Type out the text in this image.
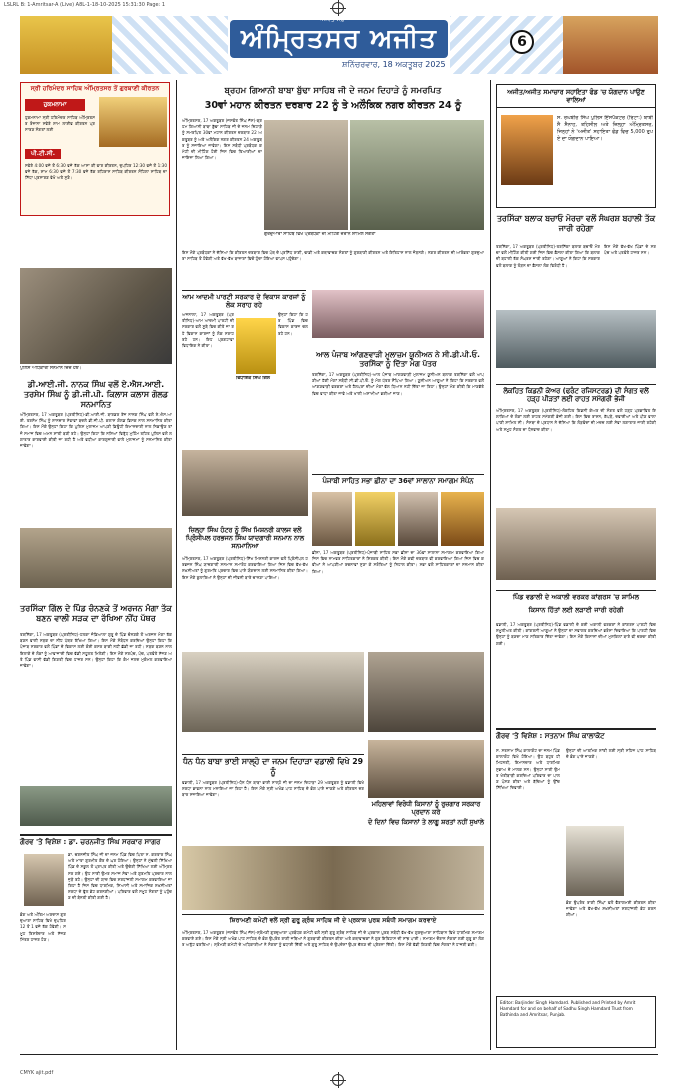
LSLRL B: 1-Amritsar-A (Live) A8L-1-18-10-2025 15:31:30 Page: 1
ਅੰਮ੍ਰਿਤਸਰ ਅਜੀਤ
ਅਜੀਤ ਸਫ਼ਾ
ਸ਼ਨਿੱਚਰਵਾਰ, 18 ਅਕਤੂਬਰ 2025
6
ਸ੍ਰੀ ਹਰਿਮੰਦਰ ਸਾਹਿਬ ਅੰਮ੍ਰਿਤਸਰ ਤੋਂ ਗੁਰਬਾਣੀ ਕੀਰਤਨ
ਹੁਕਮਨਾਮਾ

ਹੁਕਮਨਾਮਾ ਸ੍ਰੀ ਹਰਿਮੰਦਰ ਸਾਹਿਬ ਅੰਮ੍ਰਿਤਸਰ ਰੋਜ਼ਾਨਾ ਸਵੇਰੇ ਸ਼ਾਮ ਲਾਈਵ ਕੀਰਤਨ ਪ੍ਰਸਾਰਣ ਸੰਗਤਾਂ ਲਈ

ਪੀ.ਟੀ.ਸੀ.

ਸਵੇਰੇ 4:00 ਵਜੇ ਤੋਂ 6:30 ਵਜੇ ਤੱਕ ਆਸਾ ਕੀ ਵਾਰ ਕੀਰਤਨ, ਦੁਪਹਿਰ 12:30 ਵਜੇ ਤੋਂ 1:30 ਵਜੇ ਤੱਕ, ਸ਼ਾਮ 6:30 ਵਜੇ ਤੋਂ 7:30 ਵਜੇ ਤੱਕ ਰਹਿਰਾਸ ਸਾਹਿਬ ਕੀਰਤਨ ਸੋਹਿਲਾ ਸਾਹਿਬ ਦਾ ਸਿੱਧਾ ਪ੍ਰਸਾਰਣ ਵੇਖੋ ਅਤੇ ਸੁਣੋ।

ਪੁਲਿਸ ਅਧਿਕਾਰੀ ਸਨਮਾਨ ਦਿੰਦੇ ਹੋਏ।
ਡੀ.ਆਈ.ਜੀ. ਨਾਨਕ ਸਿੰਘ ਵਲੋਂ ਏ.ਐਸ.ਆਈ. ਤਰਸੇਮ ਸਿੰਘ ਨੂੰ ਡੀ.ਜੀ.ਪੀ. ਕਿਲਾਸ ਕਲਾਸ ਗੋਲਡ ਸਨਮਾਨਿਤ

ਅੰਮ੍ਰਿਤਸਰ, 17 ਅਕਤੂਬਰ (ਪ੍ਰਤੀਨਿਧ)-ਡੀ.ਆਈ.ਜੀ. ਬਾਰਡਰ ਰੇਂਜ ਨਾਨਕ ਸਿੰਘ ਵਲੋਂ ਏ.ਐਸ.ਆਈ. ਤਰਸੇਮ ਸਿੰਘ ਨੂੰ ਸ਼ਾਨਦਾਰ ਸੇਵਾਵਾਂ ਬਦਲੇ ਡੀ.ਜੀ.ਪੀ. ਕਲਾਸ ਗੋਲਡ ਡਿਸਕ ਨਾਲ ਸਨਮਾਨਿਤ ਕੀਤਾ ਗਿਆ। ਇਸ ਮੌਕੇ ਉਨ੍ਹਾਂ ਕਿਹਾ ਕਿ ਪੁਲਿਸ ਮੁਲਾਜ਼ਮ ਆਪਣੀ ਡਿਊਟੀ ਇਮਾਨਦਾਰੀ ਨਾਲ ਨਿਭਾਉਣ ਤਾਂ ਜੋ ਸਮਾਜ ਵਿਚ ਅਮਨ ਸ਼ਾਂਤੀ ਬਣੀ ਰਹੇ। ਉਨ੍ਹਾਂ ਕਿਹਾ ਕਿ ਨਸ਼ਿਆਂ ਵਿਰੁੱਧ ਮੁਹਿੰਮ ਤਹਿਤ ਪੁਲਿਸ ਵਲੋਂ ਲਗਾਤਾਰ ਕਾਰਵਾਈ ਕੀਤੀ ਜਾ ਰਹੀ ਹੈ ਅਤੇ ਵਧੀਆ ਕਾਰਗੁਜ਼ਾਰੀ ਵਾਲੇ ਮੁਲਾਜ਼ਮਾਂ ਨੂੰ ਸਨਮਾਨਿਤ ਕੀਤਾ ਜਾਵੇਗਾ।

ਤਰਸਿੱਕਾ ਗਿੱਲ ਦੇ ਪਿੰਡ ਚੰਨਣਕੇ ਤੋਂ ਅਰਜਨ ਮੰਗਾ ਤੱਕ ਬਣਨ ਵਾਲੀ ਸੜਕ ਦਾ ਰੱਖਿਆ ਨੀਂਹ ਪੱਥਰ

ਤਰਸਿੱਕਾ, 17 ਅਕਤੂਬਰ (ਪ੍ਰਤੀਨਿਧ)-ਹਲਕਾ ਜੰਡਿਆਲਾ ਗੁਰੂ ਦੇ ਪਿੰਡ ਚੰਨਣਕੇ ਤੋਂ ਅਰਜਨ ਮੰਗਾ ਤੱਕ ਬਣਨ ਵਾਲੀ ਸੜਕ ਦਾ ਨੀਂਹ ਪੱਥਰ ਰੱਖਿਆ ਗਿਆ। ਇਸ ਮੌਕੇ ਸੰਬੋਧਨ ਕਰਦਿਆਂ ਉਨ੍ਹਾਂ ਕਿਹਾ ਕਿ ਪੰਜਾਬ ਸਰਕਾਰ ਵਲੋਂ ਪਿੰਡਾਂ ਦੇ ਵਿਕਾਸ ਲਈ ਕੋਈ ਕਸਰ ਬਾਕੀ ਨਹੀਂ ਛੱਡੀ ਜਾ ਰਹੀ। ਸੜਕ ਬਣਨ ਨਾਲ ਇਲਾਕੇ ਦੇ ਲੋਕਾਂ ਨੂੰ ਆਵਾਜਾਈ ਵਿਚ ਵੱਡੀ ਸਹੂਲਤ ਮਿਲੇਗੀ। ਇਸ ਮੌਕੇ ਸਰਪੰਚ, ਪੰਚ, ਪਤਵੰਤੇ ਸੱਜਣ ਅਤੇ ਪਿੰਡ ਵਾਸੀ ਵੱਡੀ ਗਿਣਤੀ ਵਿਚ ਹਾਜ਼ਰ ਸਨ। ਉਨ੍ਹਾਂ ਕਿਹਾ ਕਿ ਕੰਮ ਜਲਦ ਮੁਕੰਮਲ ਕਰਵਾਇਆ ਜਾਵੇਗਾ।

ਗੌਰਵ 'ਤੇ ਵਿਸ਼ੇਸ਼ : ਡਾ. ਚਰਨਜੀਤ ਸਿੰਘ ਸਰਕਾਰ ਸਾਗਰ

ਡਾ. ਚਰਨਜੀਤ ਸਿੰਘ ਜੀ ਦਾ ਜਨਮ ਪਿੰਡ ਵਿਚ ਪਿਤਾ ਸ. ਕਰਤਾਰ ਸਿੰਘ ਅਤੇ ਮਾਤਾ ਗੁਰਮੀਤ ਕੌਰ ਦੇ ਘਰ ਹੋਇਆ। ਉਨ੍ਹਾਂ ਨੇ ਮੁੱਢਲੀ ਸਿੱਖਿਆ ਪਿੰਡ ਦੇ ਸਕੂਲ ਤੋਂ ਪ੍ਰਾਪਤ ਕੀਤੀ ਅਤੇ ਉਚੇਰੀ ਸਿੱਖਿਆ ਲਈ ਅੰਮ੍ਰਿਤਸਰ ਗਏ। ਉਹ ਸਾਰੀ ਉਮਰ ਸਮਾਜ ਸੇਵਾ ਅਤੇ ਗੁਰਮਤਿ ਪ੍ਰਚਾਰ ਨਾਲ ਜੁੜੇ ਰਹੇ। ਉਨ੍ਹਾਂ ਦੀ ਯਾਦ ਵਿਚ ਸ਼ਰਧਾਂਜਲੀ ਸਮਾਗਮ ਕਰਵਾਇਆ ਜਾ ਰਿਹਾ ਹੈ ਜਿਸ ਵਿਚ ਧਾਰਮਿਕ, ਸਿਆਸੀ ਅਤੇ ਸਮਾਜਿਕ ਸ਼ਖ਼ਸੀਅਤਾਂ ਸ਼ਰਧਾ ਦੇ ਫੁੱਲ ਭੇਟ ਕਰਨਗੀਆਂ। ਪਰਿਵਾਰ ਵਲੋਂ ਸਮੂਹ ਸੰਗਤਾਂ ਨੂੰ ਪਹੁੰਚਣ ਦੀ ਬੇਨਤੀ ਕੀਤੀ ਗਈ ਹੈ।

ਭੋਗ ਅਤੇ ਅੰਤਿਮ ਅਰਦਾਸ ਗੁਰਦੁਆਰਾ ਸਾਹਿਬ ਵਿਖੇ ਦੁਪਹਿਰ 12 ਤੋਂ 1 ਵਜੇ ਤੱਕ ਹੋਵੇਗੀ। ਸਮੂਹ ਰਿਸ਼ਤੇਦਾਰ ਅਤੇ ਸੱਜਣ ਮਿੱਤਰ ਹਾਜ਼ਰ ਹੋਣ।

ਬ੍ਰਹਮ ਗਿਆਨੀ ਬਾਬਾ ਬੁੱਢਾ ਸਾਹਿਬ ਜੀ ਦੇ ਜਨਮ ਦਿਹਾੜੇ ਨੂੰ ਸਮਰਪਿਤ
30ਵਾਂ ਮਹਾਨ ਕੀਰਤਨ ਦਰਬਾਰ 22 ਨੂੰ ਤੇ ਅਲੌਕਿਕ ਨਗਰ ਕੀਰਤਨ 24 ਨੂੰ

ਅੰਮ੍ਰਿਤਸਰ, 17 ਅਕਤੂਬਰ (ਜਸਵੰਤ ਸਿੰਘ ਜੱਸ)-ਬ੍ਰਹਮ ਗਿਆਨੀ ਬਾਬਾ ਬੁੱਢਾ ਸਾਹਿਬ ਜੀ ਦੇ ਜਨਮ ਦਿਹਾੜੇ ਨੂੰ ਸਮਰਪਿਤ 30ਵਾਂ ਮਹਾਨ ਕੀਰਤਨ ਦਰਬਾਰ 22 ਅਕਤੂਬਰ ਨੂੰ ਅਤੇ ਅਲੌਕਿਕ ਨਗਰ ਕੀਰਤਨ 24 ਅਕਤੂਬਰ ਨੂੰ ਸਜਾਇਆ ਜਾਵੇਗਾ। ਇਸ ਸਬੰਧੀ ਪ੍ਰਬੰਧਕ ਕਮੇਟੀ ਦੀ ਮੀਟਿੰਗ ਹੋਈ ਜਿਸ ਵਿਚ ਤਿਆਰੀਆਂ ਦਾ ਜਾਇਜ਼ਾ ਲਿਆ ਗਿਆ।

ਗੁਰਦੁਆਰਾ ਸਾਹਿਬ ਵਿਖੇ ਪ੍ਰਬੰਧਕਾਂ ਦੀ ਮੀਟਿੰਗ ਦੌਰਾਨ ਸ਼ਾਮਿਲ ਸੰਗਤਾਂ

ਇਸ ਮੌਕੇ ਪ੍ਰਬੰਧਕਾਂ ਨੇ ਦੱਸਿਆ ਕਿ ਕੀਰਤਨ ਦਰਬਾਰ ਵਿਚ ਪੰਥ ਦੇ ਪ੍ਰਸਿੱਧ ਰਾਗੀ, ਢਾਡੀ ਅਤੇ ਕਥਾਵਾਚਕ ਸੰਗਤਾਂ ਨੂੰ ਗੁਰਬਾਣੀ ਕੀਰਤਨ ਅਤੇ ਇਤਿਹਾਸ ਨਾਲ ਜੋੜਨਗੇ। ਨਗਰ ਕੀਰਤਨ ਦੀ ਆਰੰਭਤਾ ਗੁਰਦੁਆਰਾ ਸਾਹਿਬ ਤੋਂ ਹੋਵੇਗੀ ਅਤੇ ਵੱਖ-ਵੱਖ ਬਾਜ਼ਾਰਾਂ ਵਿਚੋਂ ਹੁੰਦਾ ਹੋਇਆ ਵਾਪਸ ਪਹੁੰਚੇਗਾ।

ਆਮ ਆਦਮੀ ਪਾਰਟੀ ਸਰਕਾਰ ਦੇ ਵਿਕਾਸ ਕਾਰਜਾਂ ਨੂੰ ਲੋਕ ਸਰਾਹ ਰਹੇ
ਵਿਧਾਇਕ ਸਿੰਘ ਗਿੱਲ

ਅਜਨਾਲਾ, 17 ਅਕਤੂਬਰ (ਪ੍ਰਤੀਨਿਧ)-ਆਮ ਆਦਮੀ ਪਾਰਟੀ ਦੀ ਸਰਕਾਰ ਵਲੋਂ ਸੂਬੇ ਵਿਚ ਕੀਤੇ ਜਾ ਰਹੇ ਵਿਕਾਸ ਕਾਰਜਾਂ ਨੂੰ ਲੋਕ ਸਰਾਹ ਰਹੇ ਹਨ। ਇਹ ਪ੍ਰਗਟਾਵਾ ਵਿਧਾਇਕ ਨੇ ਕੀਤਾ।

ਉਨ੍ਹਾਂ ਕਿਹਾ ਕਿ ਹਰ ਪਿੰਡ ਵਿਚ ਵਿਕਾਸ ਕਾਰਜ ਚਲ ਰਹੇ ਹਨ।

ਜ਼ਿਲ੍ਹਾ ਸਿੰਘ ਹੰਟਰ ਨੂੰ ਸਿੱਖ ਮਿਸ਼ਨਰੀ ਕਾਲਜ ਵਲੋਂ ਪ੍ਰਿੰਸੀਪਲ ਹਰਭਜਨ ਸਿੰਘ ਯਾਦਗਾਰੀ ਸਨਮਾਨ ਨਾਲ ਸਨਮਾਨਿਆ

ਅੰਮ੍ਰਿਤਸਰ, 17 ਅਕਤੂਬਰ (ਪ੍ਰਤੀਨਿਧ)-ਸਿੱਖ ਮਿਸ਼ਨਰੀ ਕਾਲਜ ਵਲੋਂ ਪ੍ਰਿੰਸੀਪਲ ਹਰਭਜਨ ਸਿੰਘ ਯਾਦਗਾਰੀ ਸਨਮਾਨ ਸਮਾਰੋਹ ਕਰਵਾਇਆ ਗਿਆ ਜਿਸ ਵਿਚ ਵੱਖ-ਵੱਖ ਸ਼ਖ਼ਸੀਅਤਾਂ ਨੂੰ ਗੁਰਮਤਿ ਪ੍ਰਚਾਰ ਵਿਚ ਪਾਏ ਯੋਗਦਾਨ ਲਈ ਸਨਮਾਨਿਤ ਕੀਤਾ ਗਿਆ। ਇਸ ਮੌਕੇ ਬੁਲਾਰਿਆਂ ਨੇ ਉਨ੍ਹਾਂ ਦੀ ਜੀਵਨੀ ਬਾਰੇ ਚਾਨਣਾ ਪਾਇਆ।

ਆਲ ਪੰਜਾਬ ਆਂਗਣਵਾੜੀ ਮੁਲਾਜ਼ਮ ਯੂਨੀਅਨ ਨੇ ਸੀ.ਡੀ.ਪੀ.ਓ. ਤਰਸਿੱਕਾ ਨੂੰ ਦਿੱਤਾ ਮੰਗ ਪੱਤਰ

ਤਰਸਿੱਕਾ, 17 ਅਕਤੂਬਰ (ਪ੍ਰਤੀਨਿਧ)-ਆਲ ਪੰਜਾਬ ਆਂਗਣਵਾੜੀ ਮੁਲਾਜ਼ਮ ਯੂਨੀਅਨ ਬਲਾਕ ਤਰਸਿੱਕਾ ਵਲੋਂ ਆਪਣੀਆਂ ਹੱਕੀ ਮੰਗਾਂ ਸਬੰਧੀ ਸੀ.ਡੀ.ਪੀ.ਓ. ਨੂੰ ਮੰਗ ਪੱਤਰ ਸੌਂਪਿਆ ਗਿਆ। ਯੂਨੀਅਨ ਆਗੂਆਂ ਨੇ ਕਿਹਾ ਕਿ ਸਰਕਾਰ ਵਲੋਂ ਆਂਗਣਵਾੜੀ ਵਰਕਰਾਂ ਅਤੇ ਹੈਲਪਰਾਂ ਦੀਆਂ ਮੰਗਾਂ ਵੱਲ ਧਿਆਨ ਨਹੀਂ ਦਿੱਤਾ ਜਾ ਰਿਹਾ। ਉਨ੍ਹਾਂ ਮੰਗ ਕੀਤੀ ਕਿ ਮਾਣਭੱਤੇ ਵਿਚ ਵਾਧਾ ਕੀਤਾ ਜਾਵੇ ਅਤੇ ਖਾਲੀ ਅਸਾਮੀਆਂ ਭਰੀਆਂ ਜਾਣ।

ਪੰਜਾਬੀ ਸਾਹਿਤ ਸਭਾ ਛੀਨਾ ਦਾ 36ਵਾਂ ਸਾਲਾਨਾ ਸਮਾਗਮ ਸੰਪੰਨ

ਛੀਨਾ, 17 ਅਕਤੂਬਰ (ਪ੍ਰਤੀਨਿਧ)-ਪੰਜਾਬੀ ਸਾਹਿਤ ਸਭਾ ਛੀਨਾ ਦਾ 36ਵਾਂ ਸਾਲਾਨਾ ਸਮਾਗਮ ਕਰਵਾਇਆ ਗਿਆ ਜਿਸ ਵਿਚ ਨਾਮਵਰ ਸਾਹਿਤਕਾਰਾਂ ਨੇ ਸ਼ਿਰਕਤ ਕੀਤੀ। ਇਸ ਮੌਕੇ ਕਵੀ ਦਰਬਾਰ ਵੀ ਕਰਵਾਇਆ ਗਿਆ ਜਿਸ ਵਿਚ ਕਵੀਆਂ ਨੇ ਆਪਣੀਆਂ ਰਚਨਾਵਾਂ ਸੁਣਾ ਕੇ ਸਰੋਤਿਆਂ ਨੂੰ ਨਿਹਾਲ ਕੀਤਾ। ਸਭਾ ਵਲੋਂ ਸਾਹਿਤਕਾਰਾਂ ਦਾ ਸਨਮਾਨ ਕੀਤਾ ਗਿਆ।

ਧੰਨ ਧੰਨ ਬਾਬਾ ਭਾਈ ਸਾਲ੍ਹੋ ਦਾ ਜਨਮ ਦਿਹਾੜਾ ਵਡਾਲੀ ਵਿਖੇ 29 ਨੂੰ

ਵਡਾਲੀ, 17 ਅਕਤੂਬਰ (ਪ੍ਰਤੀਨਿਧ)-ਧੰਨ ਧੰਨ ਬਾਬਾ ਭਾਈ ਸਾਲ੍ਹੋ ਜੀ ਦਾ ਜਨਮ ਦਿਹਾੜਾ 29 ਅਕਤੂਬਰ ਨੂੰ ਵਡਾਲੀ ਵਿਖੇ ਸ਼ਰਧਾ ਭਾਵਨਾ ਨਾਲ ਮਨਾਇਆ ਜਾ ਰਿਹਾ ਹੈ। ਇਸ ਮੌਕੇ ਸ੍ਰੀ ਅਖੰਡ ਪਾਠ ਸਾਹਿਬ ਦੇ ਭੋਗ ਪਾਏ ਜਾਣਗੇ ਅਤੇ ਕੀਰਤਨ ਦਰਬਾਰ ਸਜਾਇਆ ਜਾਵੇਗਾ।

ਮਹਿਲਾਵਾਂ ਵਿਰੋਧੀ ਕਿਸਾਨਾਂ ਨੂੰ ਰੁਜ਼ਗਾਰ ਸਰਕਾਰ ਪ੍ਰਦਾਨ ਕਰੇ
ਦੋ ਦਿਨਾਂ ਵਿਚ ਕਿਸਾਨਾਂ ਤੇ ਲਾਗੂ ਸ਼ਰਤਾਂ ਨਹੀਂ ਸੁਖਾਲੇ
ਸ਼ਿਰਾਮਣੀ ਕਮੇਟੀ ਵਲੋਂ ਸ੍ਰੀ ਗੁਰੂ ਗ੍ਰੰਥ ਸਾਹਿਬ ਜੀ ਦੇ ਪ੍ਰਕਾਸ਼ ਪੁਰਬ ਸਬੰਧੀ ਸਮਾਗਮ ਕਰਵਾਏ

ਅੰਮ੍ਰਿਤਸਰ, 17 ਅਕਤੂਬਰ (ਜਸਵੰਤ ਸਿੰਘ ਜੱਸ)-ਸ਼੍ਰੋਮਣੀ ਗੁਰਦੁਆਰਾ ਪ੍ਰਬੰਧਕ ਕਮੇਟੀ ਵਲੋਂ ਸ੍ਰੀ ਗੁਰੂ ਗ੍ਰੰਥ ਸਾਹਿਬ ਜੀ ਦੇ ਪ੍ਰਕਾਸ਼ ਪੁਰਬ ਸਬੰਧੀ ਵੱਖ-ਵੱਖ ਗੁਰਦੁਆਰਾ ਸਾਹਿਬਾਨ ਵਿਖੇ ਧਾਰਮਿਕ ਸਮਾਗਮ ਕਰਵਾਏ ਗਏ। ਇਸ ਮੌਕੇ ਸ੍ਰੀ ਅਖੰਡ ਪਾਠ ਸਾਹਿਬ ਦੇ ਭੋਗ ਉਪਰੰਤ ਰਾਗੀ ਜਥਿਆਂ ਨੇ ਗੁਰਬਾਣੀ ਕੀਰਤਨ ਕੀਤਾ ਅਤੇ ਕਥਾਵਾਚਕਾਂ ਨੇ ਗੁਰ ਇਤਿਹਾਸ ਦੀ ਸਾਂਝ ਪਾਈ। ਸਮਾਗਮ ਦੌਰਾਨ ਸੰਗਤਾਂ ਲਈ ਗੁਰੂ ਕਾ ਲੰਗਰ ਅਤੁੱਟ ਵਰਤਿਆ। ਸ਼੍ਰੋਮਣੀ ਕਮੇਟੀ ਦੇ ਅਧਿਕਾਰੀਆਂ ਨੇ ਸੰਗਤਾਂ ਨੂੰ ਵਧਾਈ ਦਿੱਤੀ ਅਤੇ ਗੁਰੂ ਸਾਹਿਬ ਦੇ ਉਪਦੇਸ਼ਾਂ ਉਪਰ ਚੱਲਣ ਦੀ ਪ੍ਰੇਰਨਾ ਦਿੱਤੀ। ਇਸ ਮੌਕੇ ਵੱਡੀ ਗਿਣਤੀ ਵਿਚ ਸੰਗਤਾਂ ਨੇ ਹਾਜ਼ਰੀ ਭਰੀ।

ਅਜੀਤ/ਅਜੀਤ ਸਮਾਚਾਰ ਸਹਾਇਤਾ ਫੰਡ 'ਚ ਯੋਗਦਾਨ ਪਾਉਣ ਵਾਲਿਆਂ

ਸ. ਰਘਬੀਰ ਸਿੰਘ ਪੁਲਿਸ ਇੰਸਪੈਕਟਰ (ਰਿਟਾ:) ਬਾਬੀ ਸੈ ਸੈਨਾਹ, ਤਹਿਸੀਲ ਅਤੇ ਜ਼ਿਲ੍ਹਾ ਅੰਮ੍ਰਿਤਸਰ, ਜਿਨ੍ਹਾਂ ਨੇ 'ਅਜੀਤ' ਸਹਾਇਤਾ ਫੰਡ ਵਿਚ 5,000 ਰੁਪਏ ਦਾ ਯੋਗਦਾਨ ਪਾਇਆ।

ਤਰਸਿੱਕਾ ਬਲਾਕ ਬਚਾਓ ਮੋਰਚਾ ਵਲੋਂ ਸੰਘਰਸ਼ ਬਹਾਲੀ ਤੱਕ ਜਾਰੀ ਰਹੇਗਾ

ਤਰਸਿੱਕਾ, 17 ਅਕਤੂਬਰ (ਪ੍ਰਤੀਨਿਧ)-ਤਰਸਿੱਕਾ ਬਲਾਕ ਬਚਾਓ ਮੋਰਚਾ ਵਲੋਂ ਮੀਟਿੰਗ ਕੀਤੀ ਗਈ ਜਿਸ ਵਿਚ ਫ਼ੈਸਲਾ ਕੀਤਾ ਗਿਆ ਕਿ ਬਲਾਕ ਦੀ ਬਹਾਲੀ ਤੱਕ ਸੰਘਰਸ਼ ਜਾਰੀ ਰਹੇਗਾ। ਆਗੂਆਂ ਨੇ ਕਿਹਾ ਕਿ ਸਰਕਾਰ ਵਲੋਂ ਬਲਾਕ ਨੂੰ ਤੋੜਨ ਦਾ ਫ਼ੈਸਲਾ ਲੋਕ ਵਿਰੋਧੀ ਹੈ।

ਇਸ ਮੌਕੇ ਵੱਖ-ਵੱਖ ਪਿੰਡਾਂ ਦੇ ਸਰਪੰਚ ਅਤੇ ਪਤਵੰਤੇ ਹਾਜ਼ਰ ਸਨ।

ਲੋਕਹਿਤ ਕਿਡਨੀ ਕੇਅਰ (ਫਰੰਟ ਰਜਿਸਟਰਡ) ਦੀ ਸੰਗਤ ਵਲੋਂ ਹੜ੍ਹ ਪੀੜਤਾਂ ਲਈ ਰਾਹਤ ਸਮੱਗਰੀ ਭੇਜੀ

ਅੰਮ੍ਰਿਤਸਰ, 17 ਅਕਤੂਬਰ (ਪ੍ਰਤੀਨਿਧ)-ਲੋਕਹਿਤ ਕਿਡਨੀ ਕੇਅਰ ਦੀ ਸੰਗਤ ਵਲੋਂ ਹੜ੍ਹ ਪ੍ਰਭਾਵਿਤ ਇਲਾਕਿਆਂ ਦੇ ਲੋਕਾਂ ਲਈ ਰਾਹਤ ਸਮੱਗਰੀ ਭੇਜੀ ਗਈ। ਇਸ ਵਿਚ ਰਾਸ਼ਨ, ਕੱਪੜੇ, ਦਵਾਈਆਂ ਅਤੇ ਪੀਣ ਵਾਲਾ ਪਾਣੀ ਸ਼ਾਮਿਲ ਸੀ। ਸੰਸਥਾ ਦੇ ਪ੍ਰਧਾਨ ਨੇ ਦੱਸਿਆ ਕਿ ਲੋੜਵੰਦਾਂ ਦੀ ਮਦਦ ਲਈ ਸੇਵਾ ਲਗਾਤਾਰ ਜਾਰੀ ਰਹੇਗੀ ਅਤੇ ਸਮੂਹ ਸੰਗਤ ਦਾ ਧੰਨਵਾਦ ਕੀਤਾ।

ਪਿੰਡ ਵਡਾਲੀ ਦੇ ਅਕਾਲੀ ਵਰਕਰ ਕਾਂਗਰਸ 'ਚ ਸ਼ਾਮਿਲ
ਕਿਸਾਨ ਹਿੱਤਾਂ ਲਈ ਲੜਾਈ ਜਾਰੀ ਰਹੇਗੀ

ਵਡਾਲੀ, 17 ਅਕਤੂਬਰ (ਪ੍ਰਤੀਨਿਧ)-ਪਿੰਡ ਵਡਾਲੀ ਦੇ ਕਈ ਅਕਾਲੀ ਵਰਕਰਾਂ ਨੇ ਕਾਂਗਰਸ ਪਾਰਟੀ ਵਿਚ ਸ਼ਮੂਲੀਅਤ ਕੀਤੀ। ਕਾਂਗਰਸੀ ਆਗੂਆਂ ਨੇ ਉਨ੍ਹਾਂ ਦਾ ਸਵਾਗਤ ਕਰਦਿਆਂ ਭਰੋਸਾ ਦਿਵਾਇਆ ਕਿ ਪਾਰਟੀ ਵਿਚ ਉਨ੍ਹਾਂ ਨੂੰ ਬਣਦਾ ਮਾਣ ਸਤਿਕਾਰ ਦਿੱਤਾ ਜਾਵੇਗਾ। ਇਸ ਮੌਕੇ ਕਿਸਾਨਾਂ ਦੀਆਂ ਮੁਸ਼ਕਿਲਾਂ ਬਾਰੇ ਵੀ ਚਰਚਾ ਕੀਤੀ ਗਈ।

ਗੌਰਵ 'ਤੇ ਵਿਸ਼ੇਸ਼ : ਸਤਨਾਮ ਸਿੰਘ ਕਾਲਾਕੋਟ

ਸ. ਸਤਨਾਮ ਸਿੰਘ ਕਾਲਾਕੋਟ ਦਾ ਜਨਮ ਪਿੰਡ ਕਾਲਾਕੋਟ ਵਿਖੇ ਹੋਇਆ। ਉਹ ਬਹੁਤ ਹੀ ਮਿਹਨਤੀ, ਇਮਾਨਦਾਰ ਅਤੇ ਧਾਰਮਿਕ ਸੁਭਾਅ ਦੇ ਮਾਲਕ ਸਨ। ਉਨ੍ਹਾਂ ਸਾਰੀ ਉਮਰ ਖੇਤੀਬਾੜੀ ਕਰਦਿਆਂ ਪਰਿਵਾਰ ਦਾ ਪਾਲਣ ਪੋਸ਼ਣ ਕੀਤਾ ਅਤੇ ਬੱਚਿਆਂ ਨੂੰ ਉੱਚ ਸਿੱਖਿਆ ਦਿਵਾਈ।

ਉਨ੍ਹਾਂ ਦੀ ਆਤਮਿਕ ਸ਼ਾਂਤੀ ਲਈ ਸ੍ਰੀ ਸਹਿਜ ਪਾਠ ਸਾਹਿਬ ਦੇ ਭੋਗ ਪਾਏ ਜਾਣਗੇ।

ਭੋਗ ਉਪਰੰਤ ਰਾਗੀ ਸਿੰਘਾਂ ਵਲੋਂ ਵੈਰਾਗਮਈ ਕੀਰਤਨ ਕੀਤਾ ਜਾਵੇਗਾ ਅਤੇ ਵੱਖ-ਵੱਖ ਸ਼ਖ਼ਸੀਅਤਾਂ ਸ਼ਰਧਾਂਜਲੀ ਭੇਟ ਕਰਨਗੀਆਂ।

Editor: Barjinder Singh Hamdard. Published and Printed by Amrit Hamdard for and on behalf of Sadhu Singh Hamdard Trust from Bathinda and Amritsar, Punjab.
CMYK ajit.pdf
